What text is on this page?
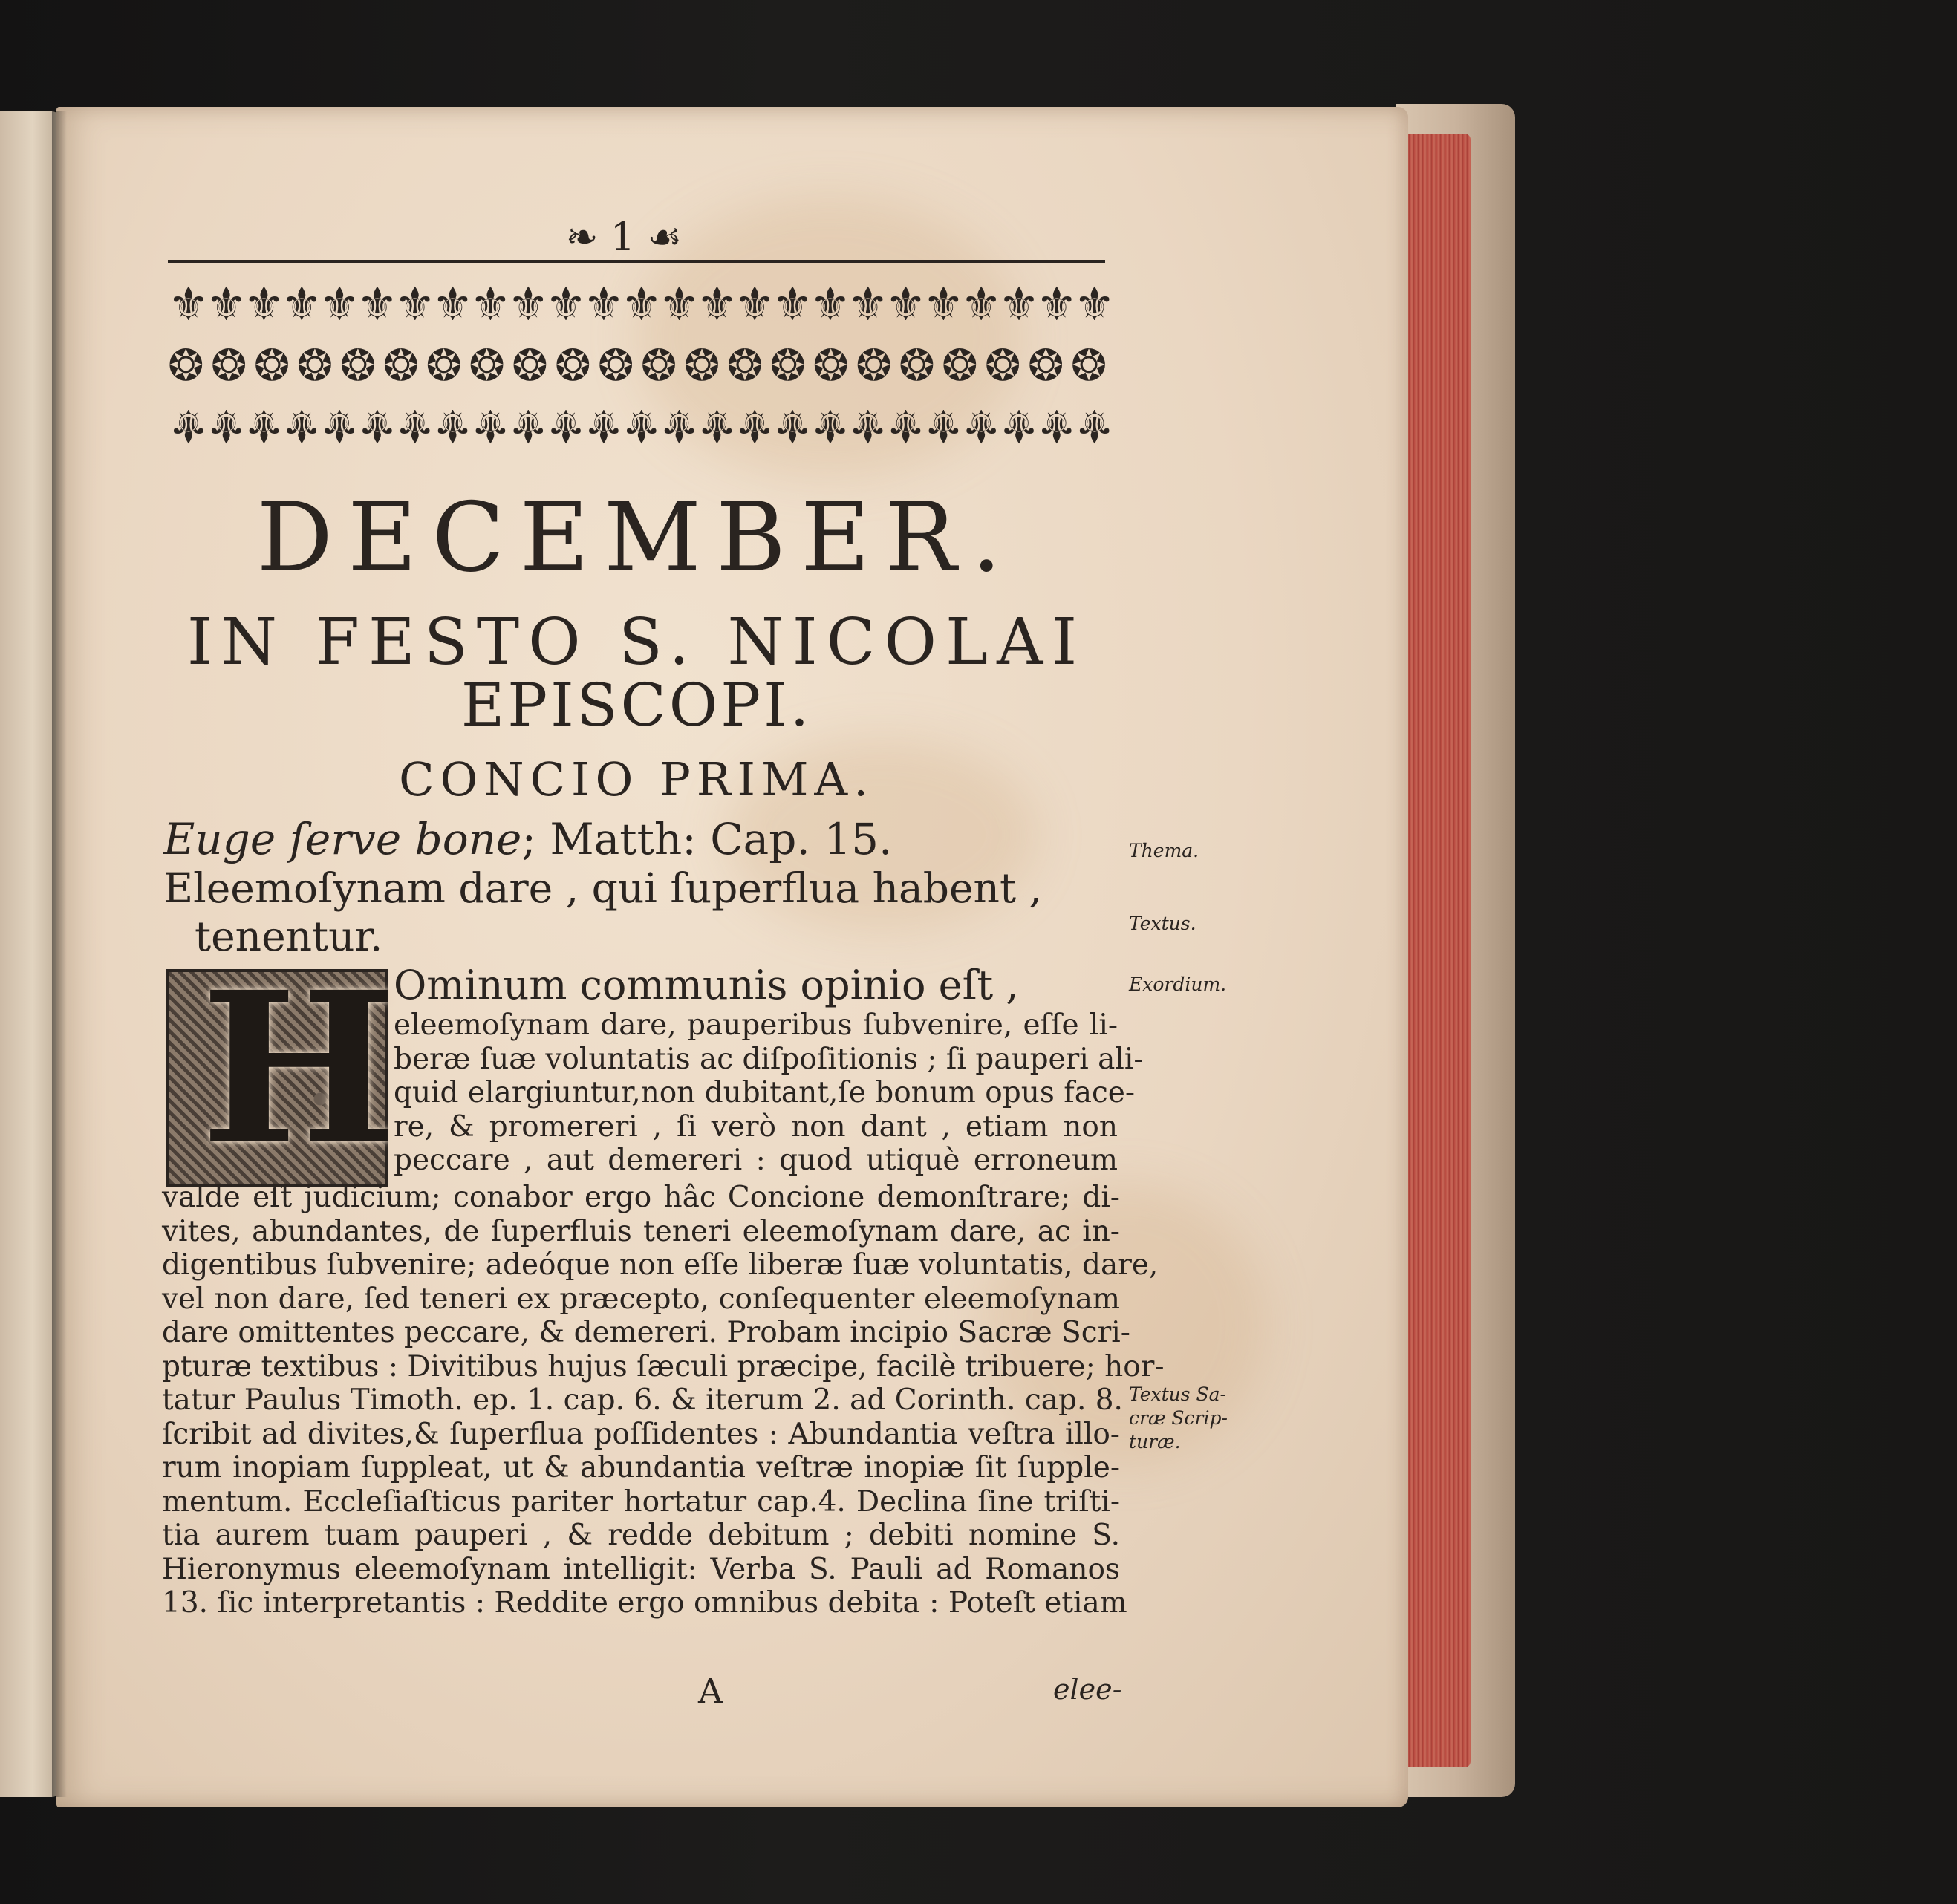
❧ 1 ☙
⚜
⚜
⚜
⚜
⚜
⚜
⚜
⚜
⚜
⚜
⚜
⚜
⚜
⚜
⚜
⚜
⚜
⚜
⚜
⚜
⚜
⚜
⚜
⚜
⚜
❂ ❂ ❂ ❂ ❂ ❂ ❂ ❂ ❂ ❂ ❂ ❂ ❂ ❂ ❂ ❂ ❂ ❂ ❂ ❂ ❂ ❂
⚜
⚜
⚜
⚜
⚜
⚜
⚜
⚜
⚜
⚜
⚜
⚜
⚜
⚜
⚜
⚜
⚜
⚜
⚜
⚜
⚜
⚜
⚜
⚜
⚜
DECEMBER.
IN FESTO S. NICOLAI
EPISCOPI.
CONCIO PRIMA.
Euge ſerve bone; Matth: Cap. 15.
Eleemoſynam dare , qui ſuperflua habent ,
tenentur.
H
Ominum communis opinio eſt ,
eleemoſynam dare, pauperibus ſubvenire, eſſe li-
beræ ſuæ voluntatis ac diſpoſitionis ; ſi pauperi ali-
quid elargiuntur,non dubitant,ſe bonum opus face-
re, & promereri , ſi verò non dant , etiam non
peccare , aut demereri : quod utiquè erroneum
valde eſt judicium; conabor ergo hâc Concione demonſtrare; di-
vites, abundantes, de ſuperfluis teneri eleemoſynam dare, ac in-
digentibus ſubvenire; adeóque non eſſe liberæ ſuæ voluntatis, dare,
vel non dare, ſed teneri ex præcepto, conſequenter eleemoſynam
dare omittentes peccare, & demereri. Probam incipio Sacræ Scri-
pturæ textibus : Divitibus hujus ſæculi præcipe, facilè tribuere; hor-
tatur Paulus Timoth. ep. 1. cap. 6. & iterum 2. ad Corinth. cap. 8.
ſcribit ad divites,& ſuperflua poſſidentes : Abundantia veſtra illo-
rum inopiam ſuppleat, ut & abundantia veſtræ inopiæ ſit ſupple-
mentum. Eccleſiaſticus pariter hortatur cap.4. Declina ſine triſti-
tia aurem tuam pauperi , & redde debitum ; debiti nomine S.
Hieronymus eleemoſynam intelligit: Verba S. Pauli ad Romanos
13. ſic interpretantis : Reddite ergo omnibus debita : Poteſt etiam
A	elee-
Thema.
Textus.
Exordium.
Textus Sa-
cræ Scrip-
turæ.
